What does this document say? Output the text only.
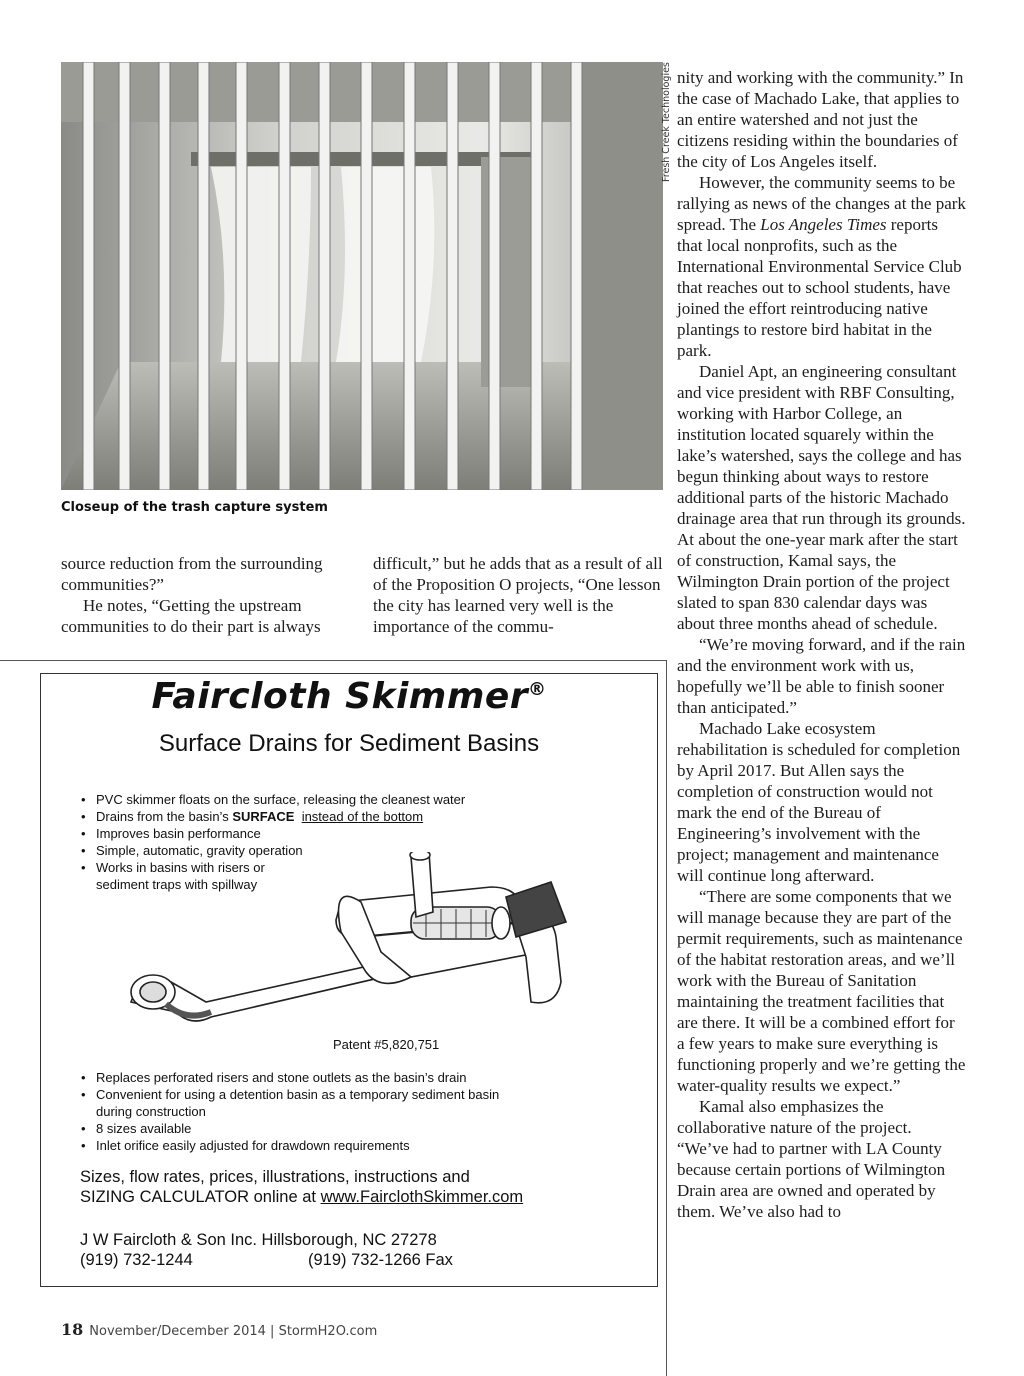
Fresh Creek Technologies
Closeup of the trash capture system

source reduction from the surrounding communities?”

He notes, “Getting the upstream communities to do their part is always

difficult,” but he adds that as a result of all of the Proposition O projects, “One lesson the city has learned very well is the importance of the commu-

nity and working with the community.” In the case of Machado Lake, that applies to an entire watershed and not just the citizens residing within the boundaries of the city of Los Angeles itself.

However, the community seems to be rallying as news of the changes at the park spread. The Los Angeles Times reports that local nonprofits, such as the International Environmental Service Club that reaches out to school students, have joined the effort reintroducing native plantings to restore bird habitat in the park.

Daniel Apt, an engineering consultant and vice president with RBF Consulting, working with Harbor College, an institution located squarely within the lake’s watershed, says the college and has begun thinking about ways to restore additional parts of the historic Machado drainage area that run through its grounds. At about the one-year mark after the start of construction, Kamal says, the Wilmington Drain portion of the project slated to span 830 calendar days was about three months ahead of schedule.

“We’re moving forward, and if the rain and the environment work with us, hopefully we’ll be able to finish sooner than anticipated.”

Machado Lake ecosystem rehabilitation is scheduled for completion by April 2017. But Allen says the completion of construction would not mark the end of the Bureau of Engineering’s involvement with the project; management and maintenance will continue long afterward.

“There are some components that we will manage because they are part of the permit requirements, such as maintenance of the habitat restoration areas, and we’ll work with the Bureau of Sanitation maintaining the treatment facilities that are there. It will be a combined effort for a few years to make sure everything is functioning properly and we’re getting the water-quality results we expect.”

Kamal also emphasizes the collaborative nature of the project. “We’ve had to partner with LA County because certain portions of Wilmington Drain area are owned and operated by them. We’ve also had to

Faircloth Skimmer®
Surface Drains for Sediment Basins
• PVC skimmer floats on the surface, releasing the cleanest water
• Drains from the basin’s SURFACE instead of the bottom
• Improves basin performance
• Simple, automatic, gravity operation
• Works in basins with risers or sediment traps with spillway
Patent #5,820,751
• Replaces perforated risers and stone outlets as the basin’s drain
• Convenient for using a detention basin as a temporary sediment basin during construction
• 8 sizes available
• Inlet orifice easily adjusted for drawdown requirements
Sizes, flow rates, prices, illustrations, instructions and
SIZING CALCULATOR online at www.FairclothSkimmer.com
J W Faircloth & Son Inc. Hillsborough, NC 27278
(919) 732-1244	(919) 732-1266 Fax
18 November/December 2014 | StormH2O.com
